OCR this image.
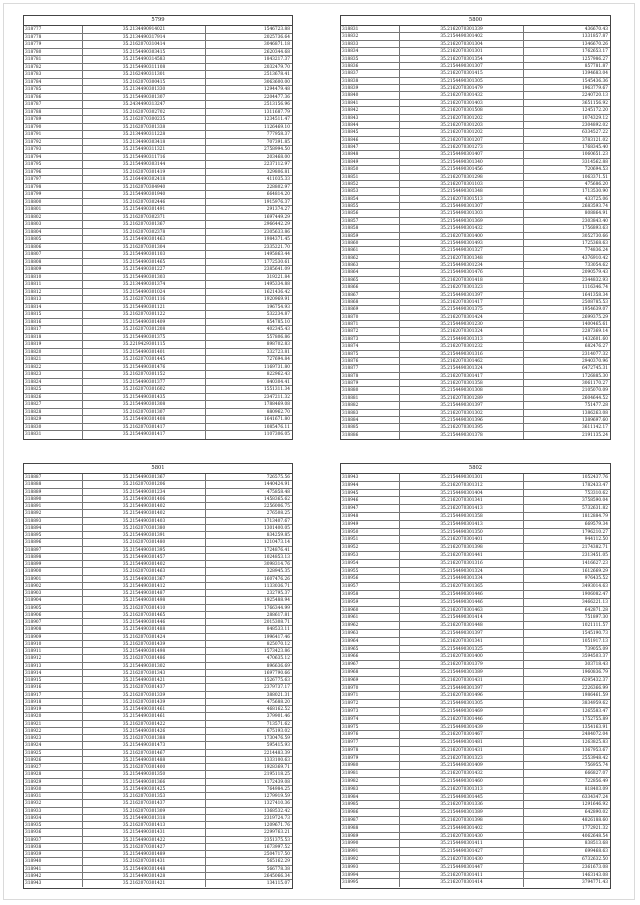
5799
318777	35.2134490914021	1546723.88
318778	35.2134490317914	2025736.64
318779	35.2162070310414	3046871.18
318780	35.2154490303415	2620344.68
318781	35.2154490314583	1843217.37
318782	35.2154490311108	2032479.70
318783	35.2162490311301	2513678.41
318784	35.2162070300415	3063600.00
318785	35.2134490301330	1294479.48
318786	35.2154490301307	2204477.36
318787	35.2434490313247	2513156.96
318788	35.2162070302702	1311687.79
318789	35.2162070300235	1234511.47
318790	35.2162070301338	1126469.10
318791	35.2134490311228	777958.37
318792	35.2134490303418	707391.85
318793	35.2154490311321	2758994.50
318794	35.2154490311716	203468.00
318795	35.2154490303144	2237112.97
318796	35.2162070301419	329806.81
318797	35.2164490302418	411035.33
318798	35.2162070304940	228802.97
318799	35.2154490301940	664814.20
318800	35.2162070302446	1915976.37
318801	35.2154490301491	291374.27
318802	35.2162070302371	1697449.29
318803	35.2162070301367	2966442.29
318804	35.2162070302378	2305633.86
318805	35.2154490301463	1984371.45
318806	35.2162070301304	2335221.70
318807	35.2154490301103	1495863.44
318808	35.2154490301465	1772530.61
318809	35.2154490301227	2385641.09
318810	35.2154490301303	319221.84
318811	35.2134490301374	1495334.88
318812	35.2154490301024	1621436.42
318813	35.2162070301116	1920969.91
318814	35.2154490301121	196754.93
318815	35.2162070301122	532234.87
318816	35.2154490301409	854785.10
318817	35.2162070301208	402345.43
318818	35.2154490301375	557806.86
318819	35.2219429301115	898702.83
318820	35.2154490301401	332723.81
318821	35.2162070301445	727694.84
318822	35.2154490301476	1169731.80
318823	35.2162070301152	822962.43
318824	35.2154490301377	840304.41
318825	35.2162070301602	1551311.34
318826	35.2154490301435	2347211.32
318827	35.2154490301308	1788469.08
318828	35.2162070301307	880962.70
318829	35.2154490301408	1641671.80
318830	35.2162070301417	1085476.11
318831	35.2154490301417	1107306.05
5800
318831	35.2162070301339	436670.43
318832	35.2154490301402	1331857.87
318833	35.2162070301304	1346670.26
318834	35.2162070301301	1762653.17
318835	35.2162070301354	1257986.27
318836	35.2154490301307	857781.87
318837	35.2162070301415	1394683.04
318838	35.2154490301305	1545436.36
318839	35.2162070301479	1963779.67
318840	35.2162070301432	2240720.13
318841	35.2162070301403	3651156.92
318842	35.2162070301508	1245172.20
318843	35.2162070301202	1074329.12
318844	35.2162070301203	2304892.02
318845	35.2162070301202	6334527.22
318846	35.2162070301207	3783121.02
318847	35.2162070301273	1768345.40
318848	35.2154490301407	1060651.23
318849	35.2154490301340	3314562.88
318850	35.2154490301456	720694.53
318851	35.2162070301298	1063371.51
318852	35.2162070301103	475686.20
318853	35.2154490301348	1713530.90
318854	35.2162070301513	433725.06
318855	35.2154490301307	2683593.74
318856	35.2154490301303	808864.91
318857	35.2154490301369	2303843.40
318858	35.2154490301432	1756893.63
318859	35.2162070301400	3052730.66
318860	35.2154490301493	1725368.63
318861	35.2154490301327	774836.24
318862	35.2162070301348	4376910.42
318863	35.2154490301234	733054.62
318864	35.2154490301476	2090579.43
318865	35.2162070301418	2344832.93
318866	35.2162070301323	1116346.74
318867	35.2154490301397	1641358.34
318868	35.2162070301417	2508785.53
318869	35.2154490301375	1954639.07
318870	35.2162070301424	2699375.29
318871	35.2154490301230	1400465.61
318872	35.2162070301324	2287369.14
318873	35.2154490301313	1432601.60
318874	35.2162070301232	682476.27
318875	35.2154490301316	2314077.32
318876	35.2162070301462	2940370.96
318877	35.2154490301324	6472745.31
318878	35.2162070301417	1726885.30
318879	35.2162070301358	3061170.27
318880	35.2154490301308	2105070.09
318881	35.2162070301289	2604644.52
318882	35.2154490301397	751477.28
318883	35.2162070301302	1386263.08
318884	35.2154490301396	1389697.60
318885	35.2162070301395	3611142.17
318886	35.2154490301378	2191135.24
5801
318887	35.2154490301367	726575.56
318888	35.2162070301206	1440424.91
318889	35.2154490301234	475858.48
318890	35.2154490301406	1458365.62
318891	35.2154490301402	2256006.75
318892	35.2154490301402	276508.25
318893	35.2154490301403	1713407.67
318894	35.2162070301380	1301400.05
318895	35.2154490301391	834259.85
318896	35.2162070301480	1210473.14
318897	35.2154490301395	1724876.41
318898	35.2154490301457	1024853.13
318899	35.2154490301402	3098314.76
318900	35.2162070301463	328945.35
318901	35.2154490301367	1607476.26
318902	35.2154490301412	1133036.71
318903	35.2154490301487	232795.37
318904	35.2154490301498	1925488.94
318905	35.2162070301410	1766344.99
318906	35.2162070301465	288617.81
318907	35.2154490301446	2015308.71
318908	35.2154490301488	848533.11
318909	35.2162070301424	1996417.46
318910	35.2162070301439	825070.12
318911	35.2154490301498	1573423.86
318912	35.2162070301486	470635.12
318913	35.2154490301302	896636.69
318914	35.2162070301343	1697790.66
318915	35.2154490301421	1526775.63
318916	35.2162070301437	2379737.17
318917	35.2162070301339	388021.31
318918	35.2162070301439	475688.20
318919	35.2154490301461	468162.52
318920	35.2154490301461	379901.46
318921	35.2162070301422	713571.62
318922	35.2154490301426	675193.02
318923	35.2162070301388	1730476.59
318924	35.2154490301473	595415.93
318925	35.2162070301467	2214483.39
318926	35.2154490301488	1333100.63
318927	35.2162070301400	1928369.71
318928	35.2154490301350	2195118.25
318929	35.2154490301366	1172439.08
318930	35.2154490301425	764984.25
318931	35.2162070301353	1279919.59
318932	35.2162070301437	1327410.36
318933	35.2162070301309	1368532.42
318934	35.2154490301318	2319724.73
318935	35.2162070301413	1209671.76
318936	35.2154490301431	2299763.21
318937	35.2154490301422	2351375.53
318938	35.2162070301427	1673997.52
318939	35.2154490301489	2504717.50
318940	35.2162070301431	565162.29
318941	35.2154490301448	566778.38
318942	35.2154490301428	2645066.34
318943	35.2162070301421	134115.07
5802
318943	35.2154490301301	1052437.76
318944	35.2162070301312	1782433.47
318945	35.2154490301404	753310.62
318946	35.2162070301341	3758590.04
318947	35.2162070301413	5732631.82
318948	35.2154490301358	1812884.79
318949	35.2154490301413	669579.34
318950	35.2154490301350	1796210.27
318951	35.2162070301401	944112.50
318952	35.2162070301398	2174382.71
318953	35.2162070301441	2313451.05
318954	35.2162070301316	1416627.23
318955	35.2154490301324	1612669.29
318956	35.2154490301334	976435.52
318957	35.2162070301365	3493014.63
318958	35.2154490301446	1906082.47
318959	35.2154490301446	3466221.13
318960	35.2162070301463	642871.28
318961	35.2154490301414	751897.30
318962	35.2162070301448	1021111.57
318963	35.2154490301397	1545190.73
318964	35.2162070301341	1051917.13
318965	35.2154490301325	739055.09
318966	35.2162070301400	3594503.37
318967	35.2162070301379	303718.43
318968	35.2154490301389	1960836.79
318969	35.2162070301431	6295432.37
318970	35.2154490301397	2226366.99
318971	35.2162070301496	1986461.59
318972	35.2154490301305	3834959.62
318973	35.2154490301469	1265583.47
318974	35.2162070301446	1752755.89
318975	35.2154490301439	1354163.91
318976	35.2162070301467	2484072.04
318977	35.2154490301481	1263825.83
318978	35.2162070301431	1367953.67
318979	35.2162070301323	2553948.42
318980	35.2154490301409	756955.74
318981	35.2162070301432	666827.07
318982	35.2154490301460	722856.49
318983	35.2162070301313	818403.09
318984	35.2154490301445	6334347.24
318985	35.2162070301336	1291646.92
318986	35.2154490301389	642890.02
318987	35.2162070301398	4826188.60
318988	35.2154490301402	1772921.32
318989	35.2162070301430	4062648.54
318990	35.2154490301411	838513.68
318991	35.2154490301427	699468.63
318992	35.2162070301430	6732632.50
318993	35.2154490301447	2361673.08
318994	35.2162070301411	1463143.08
318995	35.2162070301414	3794771.43
